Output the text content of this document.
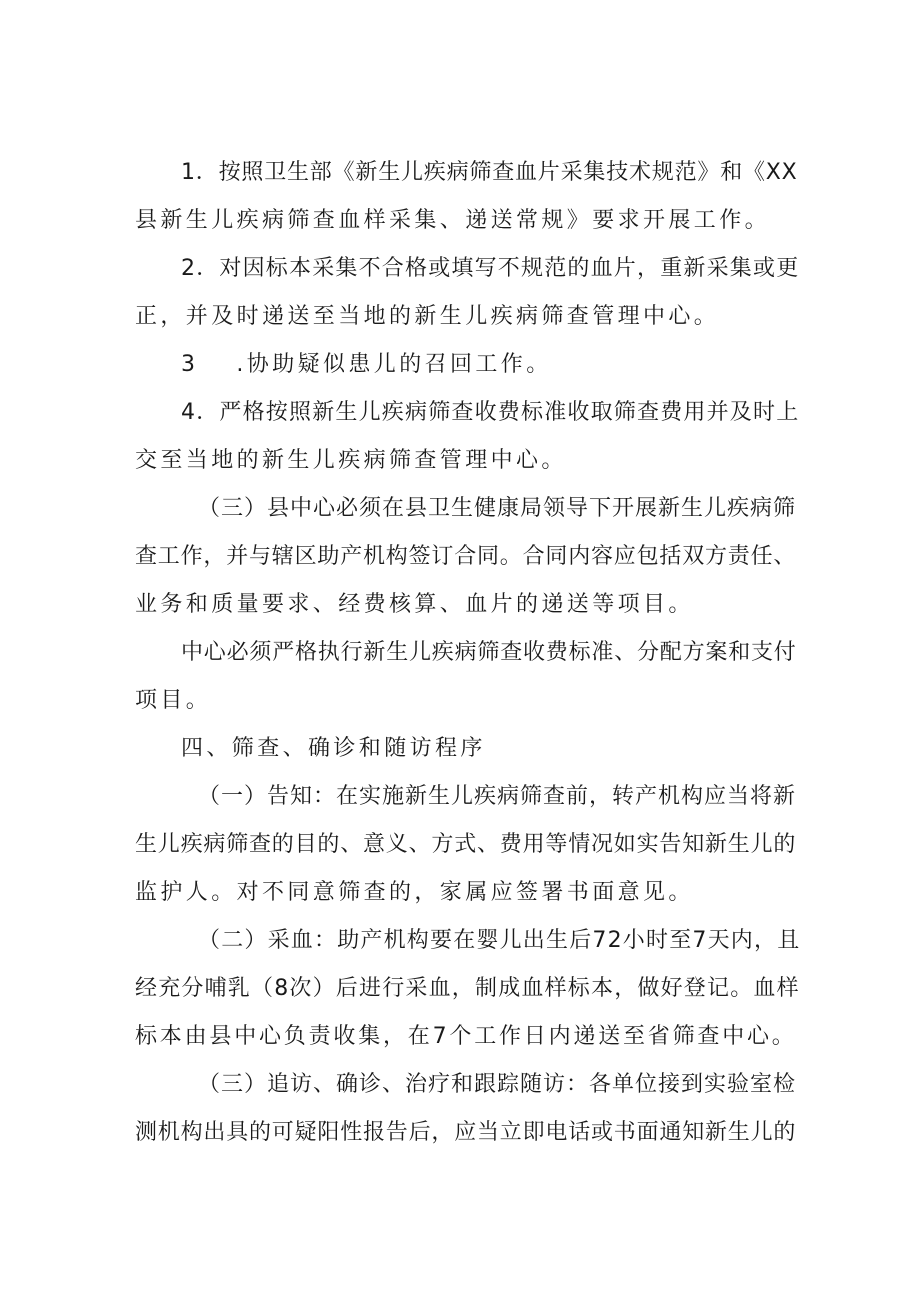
1．按照卫生部《新生儿疾病筛查血片采集技术规范》和《XX
县新生儿疾病筛查血样采集、递送常规》要求开展工作。
2．对因标本采集不合格或填写不规范的血片，重新采集或更
正，并及时递送至当地的新生儿疾病筛查管理中心。
3 .协助疑似患儿的召回工作。
4．严格按照新生儿疾病筛查收费标准收取筛查费用并及时上
交至当地的新生儿疾病筛查管理中心。
（三）县中心必须在县卫生健康局领导下开展新生儿疾病筛
查工作，并与辖区助产机构签订合同。合同内容应包括双方责任、
业务和质量要求、经费核算、血片的递送等项目。
中心必须严格执行新生儿疾病筛查收费标准、分配方案和支付
项目。
四、筛查、确诊和随访程序
（一）告知：在实施新生儿疾病筛查前，转产机构应当将新
生儿疾病筛查的目的、意义、方式、费用等情况如实告知新生儿的
监护人。对不同意筛查的，家属应签署书面意见。
（二）采血：助产机构要在婴儿出生后72小时至7天内，且
经充分哺乳（8次）后进行采血，制成血样标本，做好登记。血样
标本由县中心负责收集，在7个工作日内递送至省筛查中心。
（三）追访、确诊、治疗和跟踪随访：各单位接到实验室检
测机构出具的可疑阳性报告后，应当立即电话或书面通知新生儿的
